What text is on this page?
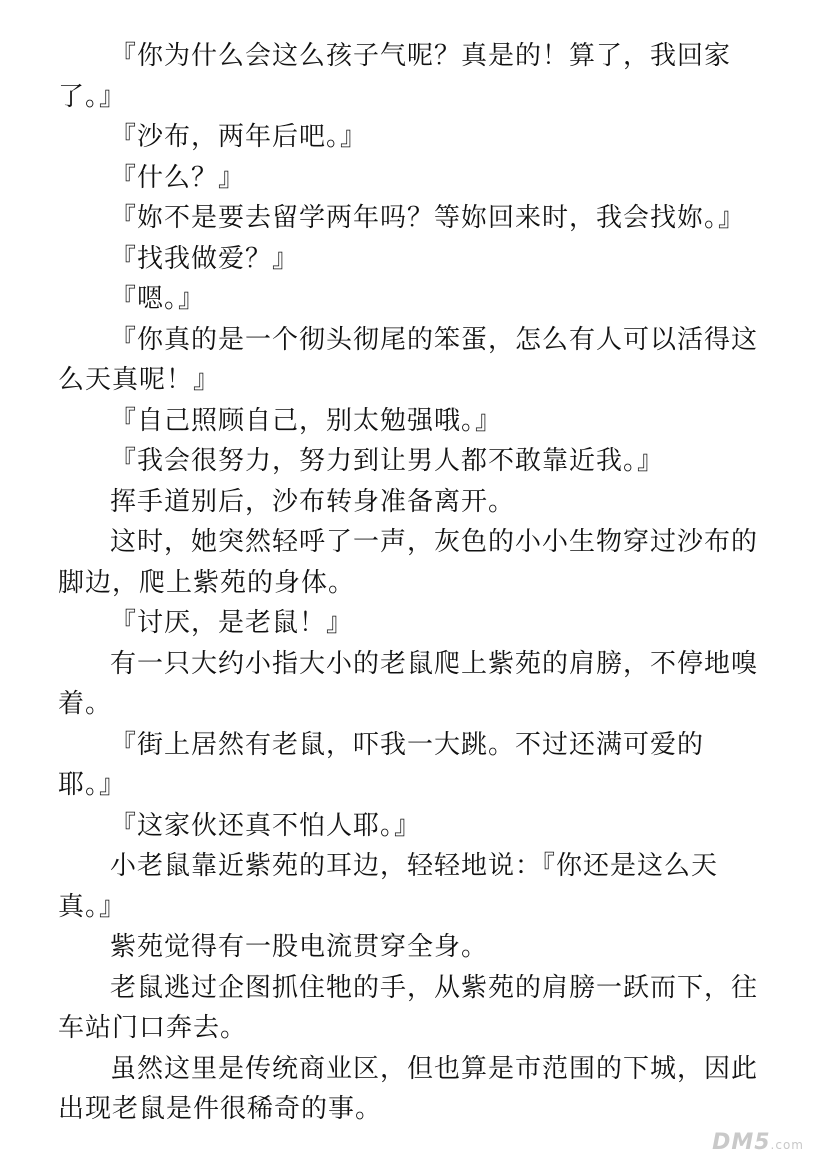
『你为什么会这么孩子气呢？真是的！算了，我回家了。』

『沙布，两年后吧。』

『什么？』

『妳不是要去留学两年吗？等妳回来时，我会找妳。』

『找我做爱？』

『嗯。』

『你真的是一个彻头彻尾的笨蛋，怎么有人可以活得这么天真呢！』

『自己照顾自己，别太勉强哦。』

『我会很努力，努力到让男人都不敢靠近我。』

挥手道别后，沙布转身准备离开。

这时，她突然轻呼了一声，灰色的小小生物穿过沙布的脚边，爬上紫苑的身体。

『讨厌，是老鼠！』

有一只大约小指大小的老鼠爬上紫苑的肩膀，不停地嗅着。

『街上居然有老鼠，吓我一大跳。不过还满可爱的耶。』

『这家伙还真不怕人耶。』

小老鼠靠近紫苑的耳边，轻轻地说：『你还是这么天真。』

紫苑觉得有一股电流贯穿全身。

老鼠逃过企图抓住牠的手，从紫苑的肩膀一跃而下，往车站门口奔去。

虽然这里是传统商业区，但也算是市范围的下城，因此出现老鼠是件很稀奇的事。

DM5.com
